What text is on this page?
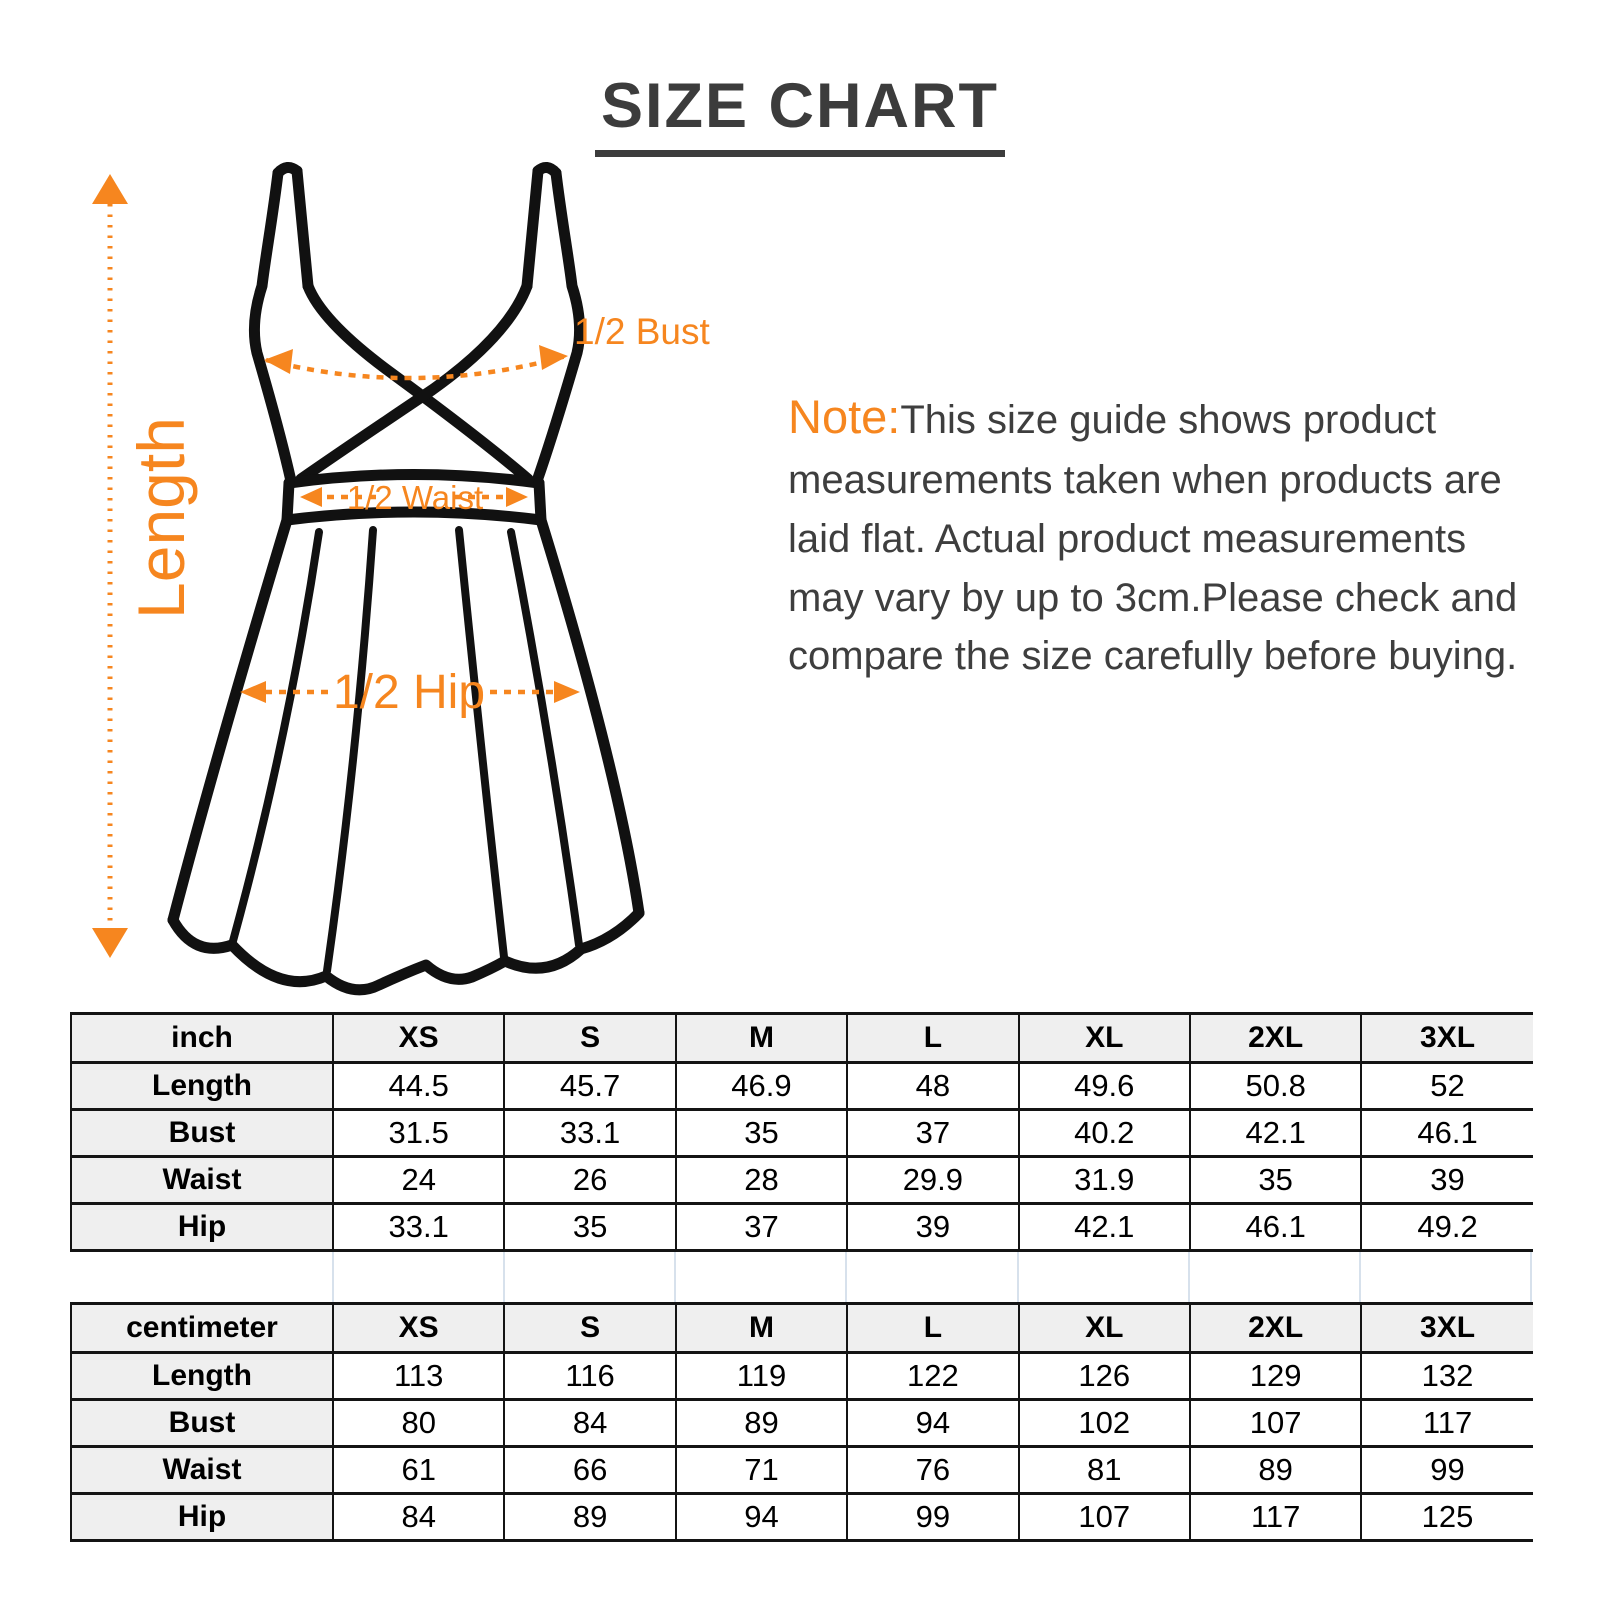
SIZE CHART
Length
1/2 Bust
1/2 Waist
1/2 Hip

Note:This size guide shows product measurements taken when products are laid flat. Actual product measurements may vary by up to 3cm.Please check and compare the size carefully before buying.

inch	XS	S	M	L	XL	2XL	3XL
Length	44.5	45.7	46.9	48	49.6	50.8	52
Bust	31.5	33.1	35	37	40.2	42.1	46.1
Waist	24	26	28	29.9	31.9	35	39
Hip	33.1	35	37	39	42.1	46.1	49.2
centimeter	XS	S	M	L	XL	2XL	3XL
Length	113	116	119	122	126	129	132
Bust	80	84	89	94	102	107	117
Waist	61	66	71	76	81	89	99
Hip	84	89	94	99	107	117	125
